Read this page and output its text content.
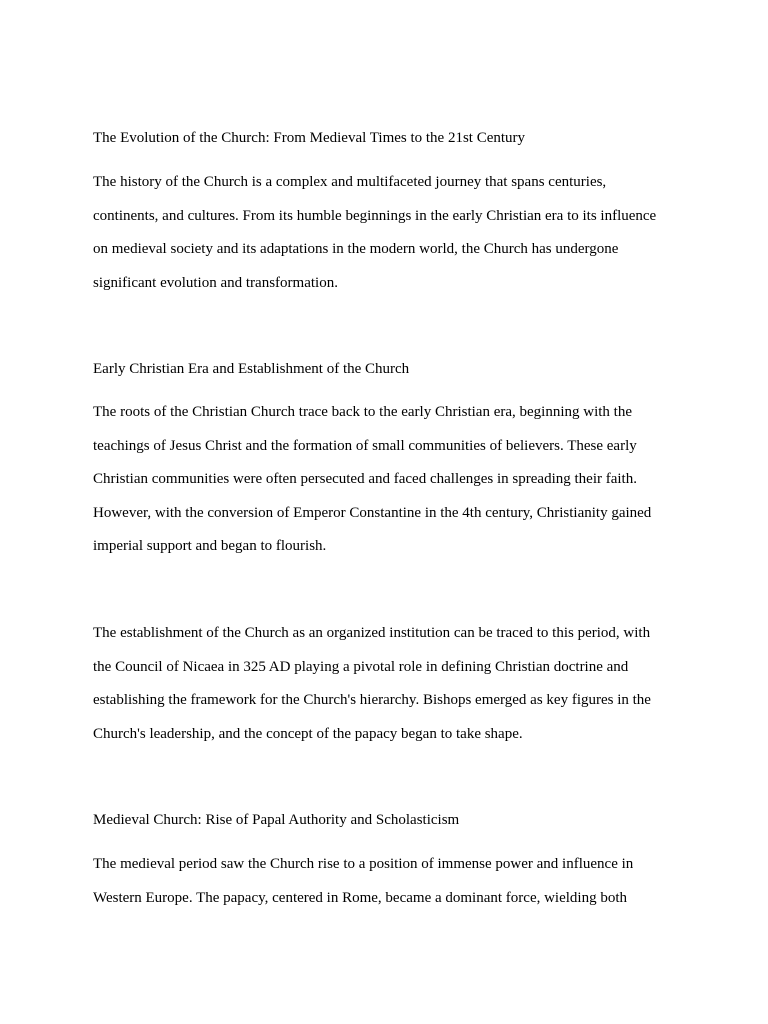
The Evolution of the Church: From Medieval Times to the 21st Century

The history of the Church is a complex and multifaceted journey that spans centuries,
continents, and cultures. From its humble beginnings in the early Christian era to its influence
on medieval society and its adaptations in the modern world, the Church has undergone
significant evolution and transformation.

Early Christian Era and Establishment of the Church

The roots of the Christian Church trace back to the early Christian era, beginning with the
teachings of Jesus Christ and the formation of small communities of believers. These early
Christian communities were often persecuted and faced challenges in spreading their faith.
However, with the conversion of Emperor Constantine in the 4th century, Christianity gained
imperial support and began to flourish.

The establishment of the Church as an organized institution can be traced to this period, with
the Council of Nicaea in 325 AD playing a pivotal role in defining Christian doctrine and
establishing the framework for the Church's hierarchy. Bishops emerged as key figures in the
Church's leadership, and the concept of the papacy began to take shape.

Medieval Church: Rise of Papal Authority and Scholasticism

The medieval period saw the Church rise to a position of immense power and influence in
Western Europe. The papacy, centered in Rome, became a dominant force, wielding both
